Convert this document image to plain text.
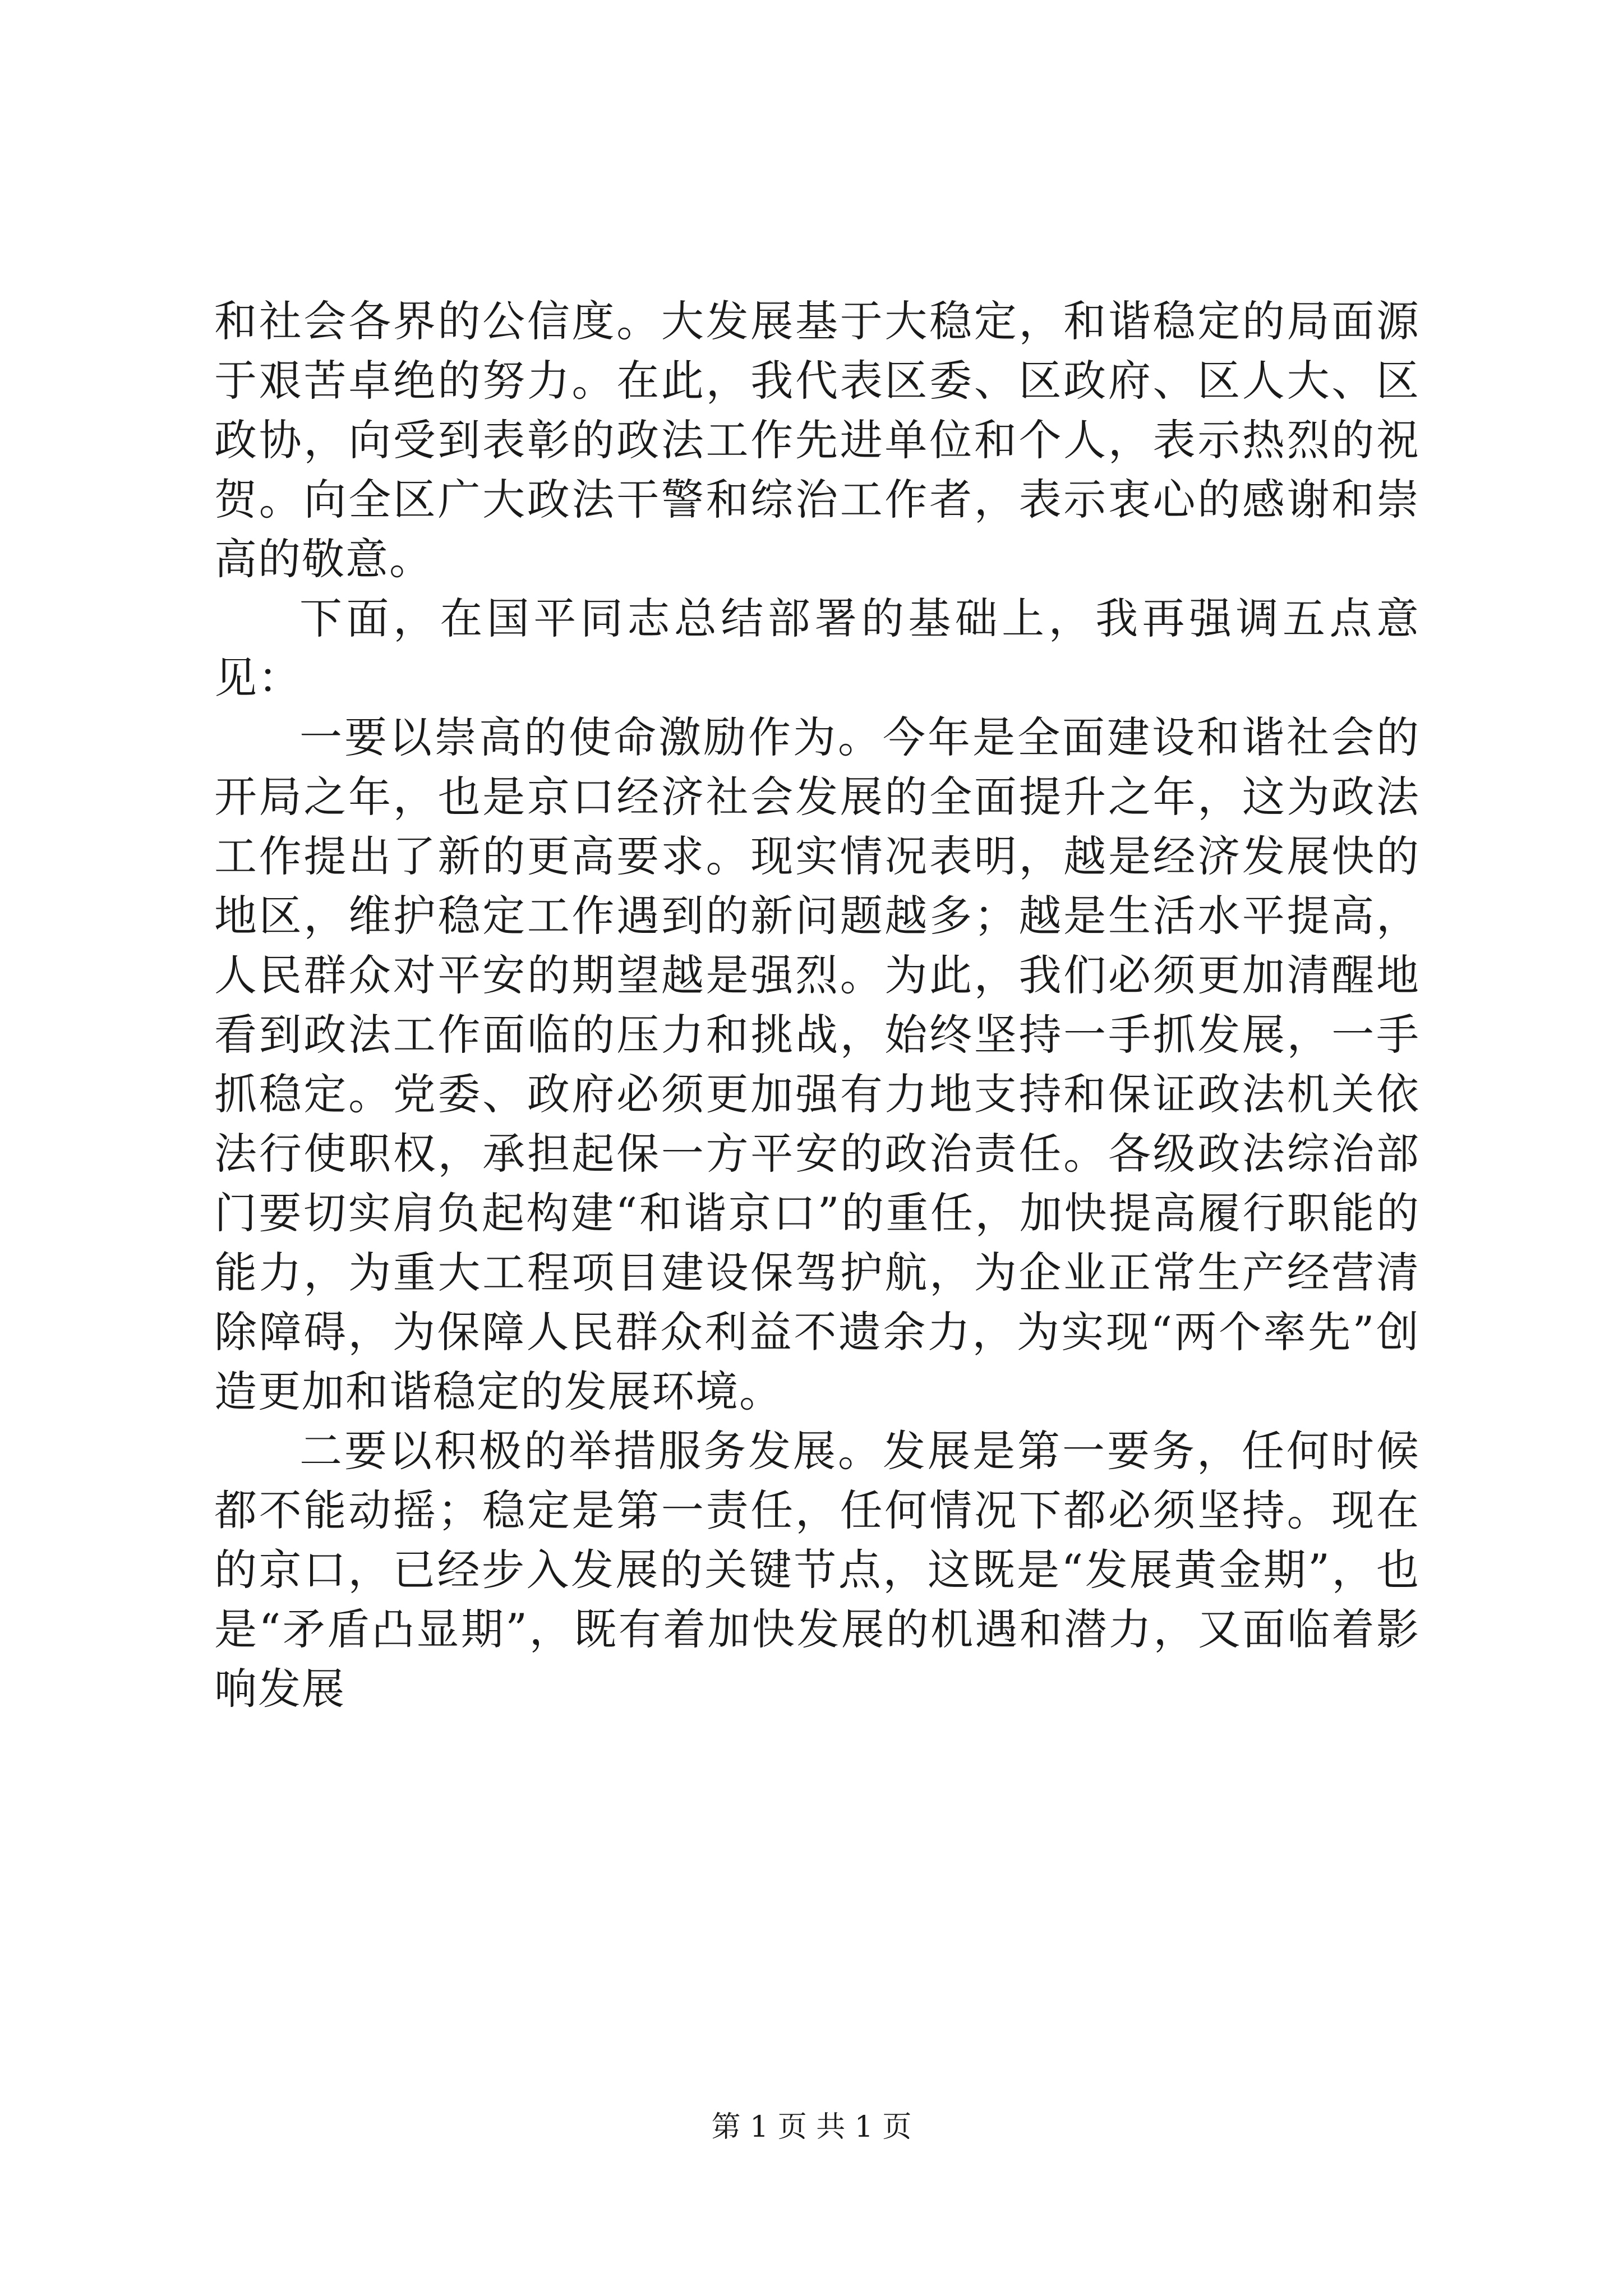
和社会各界的公信度。大发展基于大稳定，和谐稳定的局面源于艰苦卓绝的努力。在此，我代表区委、区政府、区人大、区政协，向受到表彰的政法工作先进单位和个人，表示热烈的祝贺。向全区广大政法干警和综治工作者，表示衷心的感谢和崇高的敬意。

下面，在国平同志总结部署的基础上，我再强调五点意见：

一要以崇高的使命激励作为。今年是全面建设和谐社会的开局之年，也是京口经济社会发展的全面提升之年，这为政法工作提出了新的更高要求。现实情况表明，越是经济发展快的地区，维护稳定工作遇到的新问题越多；越是生活水平提高，人民群众对平安的期望越是强烈。为此，我们必须更加清醒地看到政法工作面临的压力和挑战，始终坚持一手抓发展，一手抓稳定。党委、政府必须更加强有力地支持和保证政法机关依法行使职权，承担起保一方平安的政治责任。各级政法综治部门要切实肩负起构建“和谐京口”的重任，加快提高履行职能的能力，为重大工程项目建设保驾护航，为企业正常生产经营清除障碍，为保障人民群众利益不遗余力，为实现“两个率先”创造更加和谐稳定的发展环境。

二要以积极的举措服务发展。发展是第一要务，任何时候都不能动摇；稳定是第一责任，任何情况下都必须坚持。现在的京口，已经步入发展的关键节点，这既是“发展黄金期”，也是“矛盾凸显期”，既有着加快发展的机遇和潜力，又面临着影响发展

第 1 页 共 1 页
